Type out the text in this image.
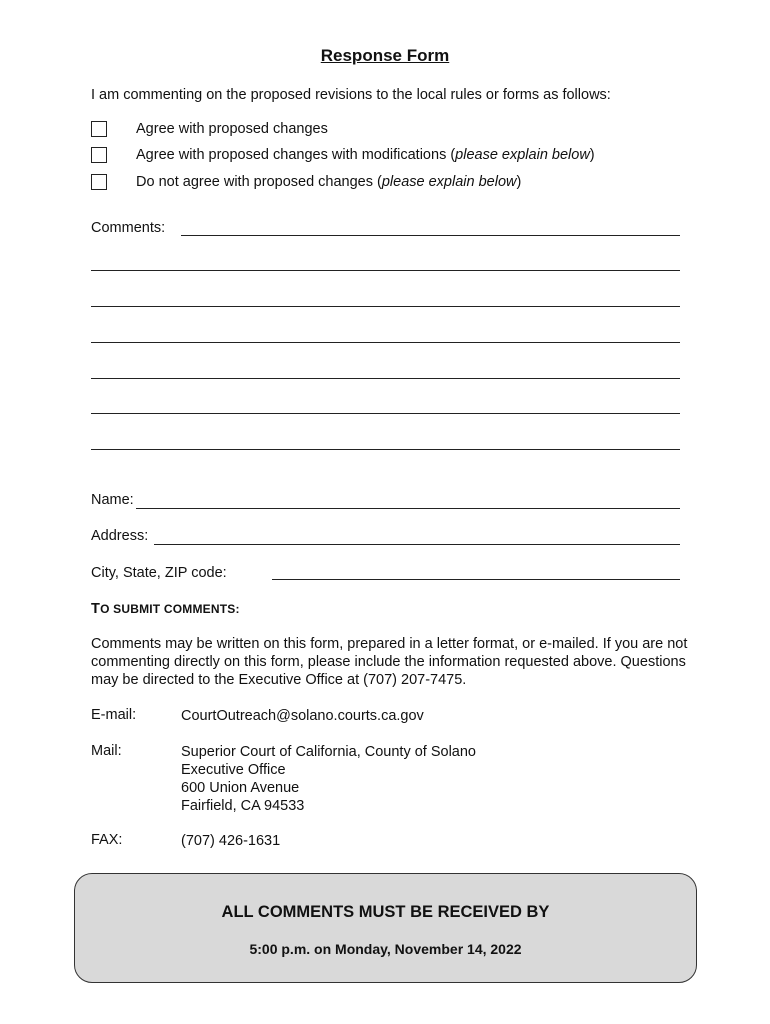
Response Form
I am commenting on the proposed revisions to the local rules or forms as follows:
Agree with proposed changes
Agree with proposed changes with modifications ( please explain below )
Do not agree with proposed changes ( please explain below )
Comments:
Name:
Address:
City, State, ZIP code:
TO SUBMIT COMMENTS:
Comments may be written on this form, prepared in a letter format, or e-mailed. If you are not commenting directly on this form, please include the information requested above. Questions may be directed to the Executive Office at (707) 207-7475.
E-mail:	CourtOutreach@solano.courts.ca.gov
Mail:	Superior Court of California, County of Solano
Executive Office
600 Union Avenue
Fairfield, CA 94533
FAX:	(707) 426-1631
ALL COMMENTS MUST BE RECEIVED BY
5:00 p.m. on Monday, November 14, 2022
